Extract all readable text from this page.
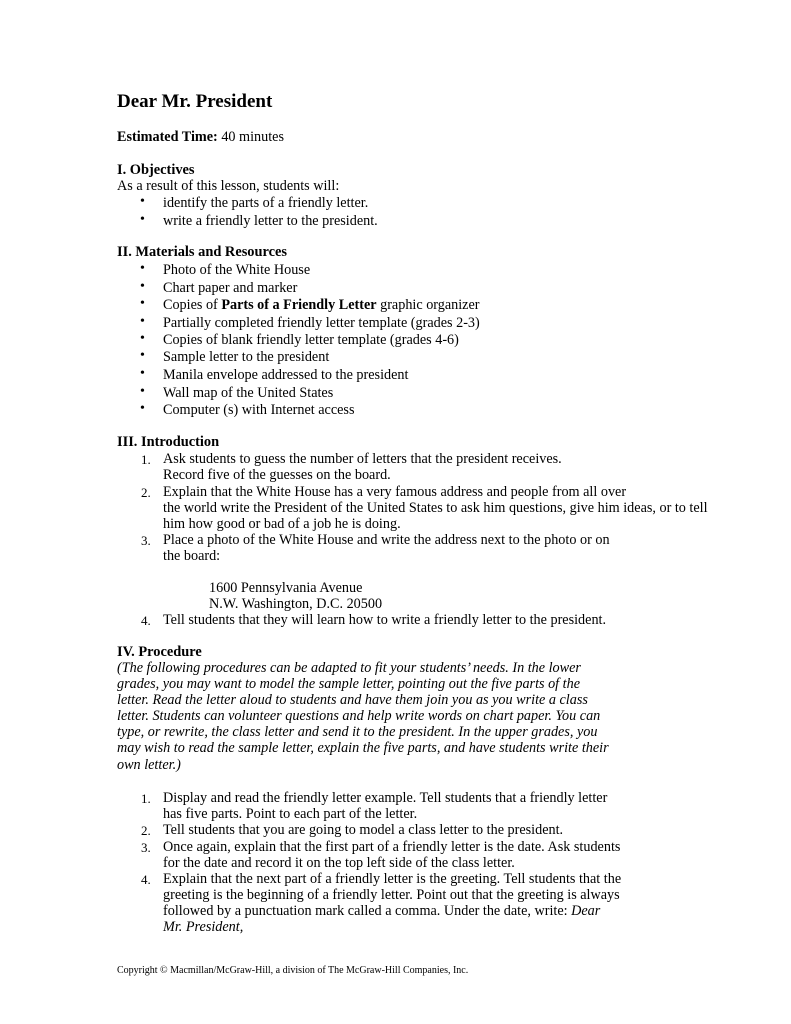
Dear Mr. President
Estimated Time: 40 minutes
I. Objectives
As a result of this lesson, students will:
• identify the parts of a friendly letter.
• write a friendly letter to the president.
II. Materials and Resources
• Photo of the White House
• Chart paper and marker
• Copies of Parts of a Friendly Letter graphic organizer
• Partially completed friendly letter template (grades 2-3)
• Copies of blank friendly letter template (grades 4-6)
• Sample letter to the president
• Manila envelope addressed to the president
• Wall map of the United States
• Computer (s) with Internet access
III. Introduction
1. Ask students to guess the number of letters that the president receives.
Record five of the guesses on the board.
2. Explain that the White House has a very famous address and people from all over
the world write the President of the United States to ask him questions, give him ideas, or to tell
him how good or bad of a job he is doing.
3. Place a photo of the White House and write the address next to the photo or on
the board:
1600 Pennsylvania Avenue
N.W. Washington, D.C. 20500
4. Tell students that they will learn how to write a friendly letter to the president.
IV. Procedure
(The following procedures can be adapted to fit your students’ needs. In the lower
grades, you may want to model the sample letter, pointing out the five parts of the
letter. Read the letter aloud to students and have them join you as you write a class
letter. Students can volunteer questions and help write words on chart paper. You can
type, or rewrite, the class letter and send it to the president. In the upper grades, you
may wish to read the sample letter, explain the five parts, and have students write their
own letter.)
1. Display and read the friendly letter example. Tell students that a friendly letter
has five parts. Point to each part of the letter.
2. Tell students that you are going to model a class letter to the president.
3. Once again, explain that the first part of a friendly letter is the date. Ask students
for the date and record it on the top left side of the class letter.
4. Explain that the next part of a friendly letter is the greeting. Tell students that the
greeting is the beginning of a friendly letter. Point out that the greeting is always
followed by a punctuation mark called a comma. Under the date, write: Dear
Mr. President,
Copyright © Macmillan/McGraw-Hill, a division of The McGraw-Hill Companies, Inc.
